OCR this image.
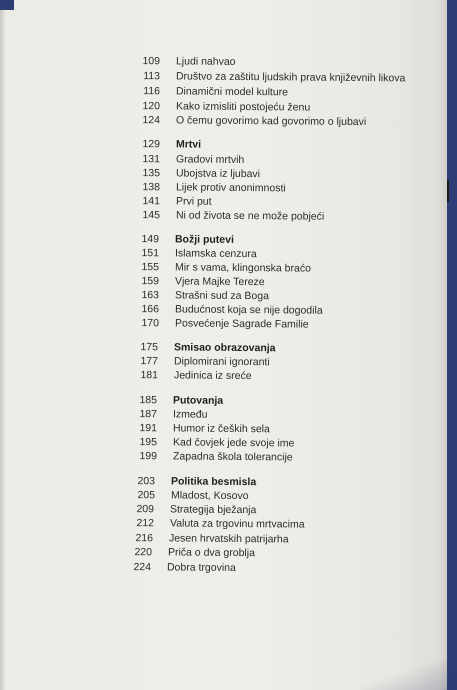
109 Ljudi nahvao
113 Društvo za zaštitu ljudskih prava književnih likova
116 Dinamični model kulture
120 Kako izmisliti postojeću ženu
124 O čemu govorimo kad govorimo o ljubavi
129 Mrtvi
131 Gradovi mrtvih
135 Ubojstva iz ljubavi
138 Lijek protiv anonimnosti
141 Prvi put
145 Ni od života se ne može pobjeći
149 Božji putevi
151 Islamska cenzura
155 Mir s vama, klingonska braćo
159 Vjera Majke Tereze
163 Strašni sud za Boga
166 Budućnost koja se nije dogodila
170 Posvećenje Sagrade Familie
175 Smisao obrazovanja
177 Diplomirani ignoranti
181 Jedinica iz sreće
185 Putovanja
187 Između
191 Humor iz čeških sela
195 Kad čovjek jede svoje ime
199 Zapadna škola tolerancije
203 Politika besmisla
205 Mladost, Kosovo
209 Strategija bježanja
212 Valuta za trgovinu mrtvacima
216 Jesen hrvatskih patrijarha
220 Priča o dva groblja
224 Dobra trgovina
